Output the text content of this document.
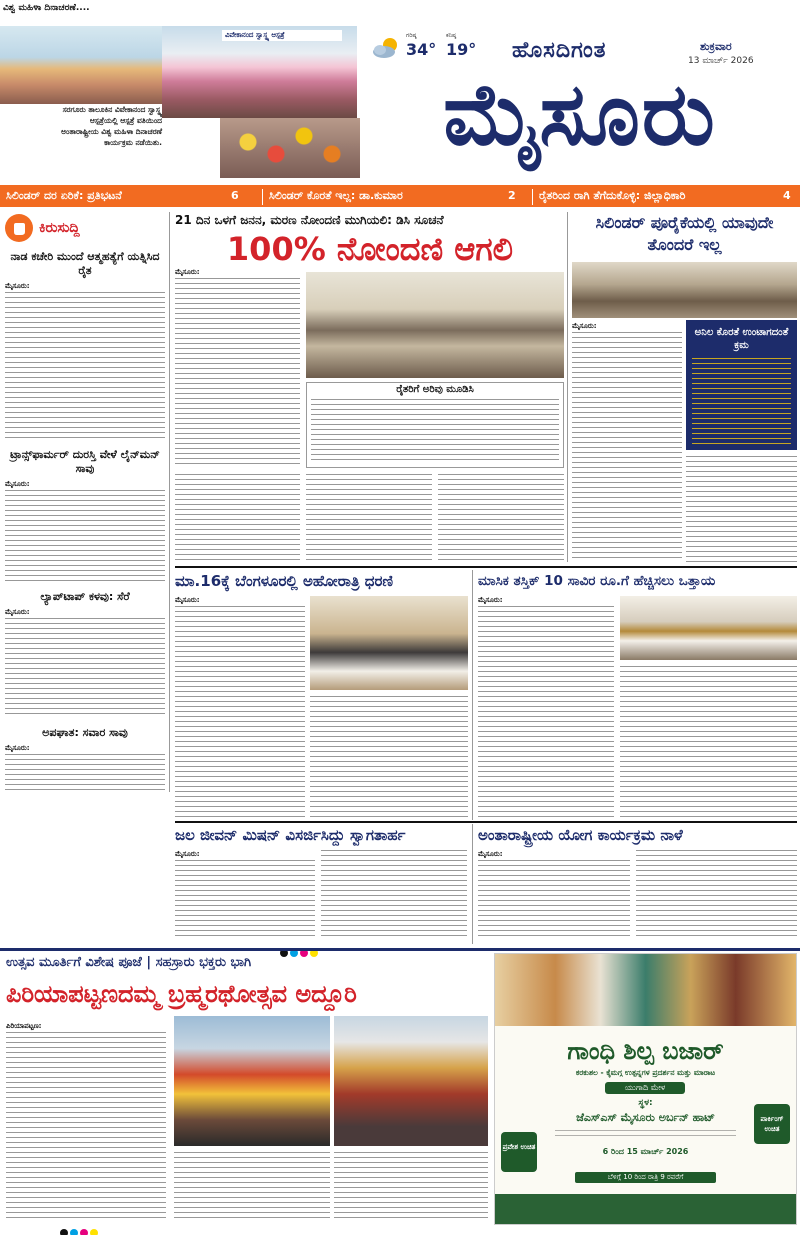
ವಿಶ್ವ ಮಹಿಳಾ ದಿನಾಚರಣೆ....
ಸರಗೂರು ತಾಲೂಕಿನ ವಿವೇಕಾನಂದ ಸ್ವಾಸ್ಥ್ಯ ಆಸ್ಪತ್ರೆಯಲ್ಲಿ ಆಸ್ಪತ್ರೆ ವತಿಯಿಂದ ಅಂತಾರಾಷ್ಟ್ರೀಯ ವಿಶ್ವ ಮಹಿಳಾ ದಿನಾಚರಣೆ ಕಾರ್ಯಕ್ರಮ ನಡೆಯಿತು.
ವಿವೇಕಾನಂದ ಸ್ವಾಸ್ಥ್ಯ ಆಸ್ಪತ್ರೆ	ಗರಿಷ್ಠ
34°
ಕನಿಷ್ಠ
19° ಹೊಸದಿಗಂತ	ಶುಕ್ರವಾರ
13 ಮಾರ್ಚ್ 2026
ಮೈಸೂರು
ಸಿಲಿಂಡರ್ ದರ ಏರಿಕೆ: ಪ್ರತಿಭಟನೆ	6	ಸಿಲಿಂಡರ್ ಕೊರತೆ ಇಲ್ಲ: ಡಾ.ಕುಮಾರ	2	ರೈತರಿಂದ ರಾಗಿ ತೆಗೆದುಕೊಳ್ಳಿ: ಜಿಲ್ಲಾಧಿಕಾರಿ	4
ಕಿರುಸುದ್ದಿ
ನಾಡ ಕಚೇರಿ ಮುಂದೆ ಆತ್ಮಹತ್ಯೆಗೆ ಯತ್ನಿಸಿದ ರೈತ
ಮೈಸೂರು:
ಟ್ರಾನ್ಸ್‌ಫಾರ್ಮರ್ ದುರಸ್ತಿ ವೇಳೆ ಲೈನ್‌ಮನ್ ಸಾವು
ಮೈಸೂರು:
ಲ್ಯಾಪ್‌ಟಾಪ್ ಕಳವು: ಸೆರೆ
ಮೈಸೂರು:
ಅಪಘಾತ: ಸವಾರ ಸಾವು
ಮೈಸೂರು:
21 ದಿನ ಒಳಗೆ ಜನನ, ಮರಣ ನೋಂದಣಿ ಮುಗಿಯಲಿ: ಡಿಸಿ ಸೂಚನೆ
100% ನೋಂದಣಿ ಆಗಲಿ
ಮೈಸೂರು:
ರೈತರಿಗೆ ಅರಿವು ಮೂಡಿಸಿ
ಸಿಲಿಂಡರ್ ಪೂರೈಕೆಯಲ್ಲಿ ಯಾವುದೇ ತೊಂದರೆ ಇಲ್ಲ
ಮೈಸೂರು:
ಅನಿಲ ಕೊರತೆ ಉಂಟಾಗದಂತೆ ಕ್ರಮ
ಮಾ.16ಕ್ಕೆ ಬೆಂಗಳೂರಲ್ಲಿ ಅಹೋರಾತ್ರಿ ಧರಣಿ
ಮೈಸೂರು:
ಮಾಸಿಕ ತಸ್ತಿಕ್ 10 ಸಾವಿರ ರೂ.ಗೆ ಹೆಚ್ಚಿಸಲು ಒತ್ತಾಯ
ಮೈಸೂರು:
ಜಲ ಜೀವನ್ ಮಿಷನ್ ವಿಸರ್ಜಿಸಿದ್ದು ಸ್ವಾಗತಾರ್ಹ
ಮೈಸೂರು:
ಅಂತಾರಾಷ್ಟ್ರೀಯ ಯೋಗ ಕಾರ್ಯಕ್ರಮ ನಾಳೆ
ಮೈಸೂರು:
ಉತ್ಸವ ಮೂರ್ತಿಗೆ ವಿಶೇಷ ಪೂಜೆ | ಸಹಸ್ರಾರು ಭಕ್ತರು ಭಾಗಿ
ಪಿರಿಯಾಪಟ್ಟಣದಮ್ಮ ಬ್ರಹ್ಮರಥೋತ್ಸವ ಅದ್ದೂರಿ
ಪಿರಿಯಾಪಟ್ಟಣ:
ಗಾಂಧಿ ಶಿಲ್ಪ ಬಜಾರ್
ಕರಕುಶಲ - ಕೈಮಗ್ಗ ಉತ್ಪನ್ನಗಳ ಪ್ರದರ್ಶನ ಮತ್ತು ಮಾರಾಟ
ಯುಗಾದಿ ಮೇಳ
ಸ್ಥಳ:
ಜೆಎಸ್‌ಎಸ್ ಮೈಸೂರು ಅರ್ಬನ್ ಹಾಟ್
ಪ್ರವೇಶ ಉಚಿತ
ಪಾರ್ಕಿಂಗ್ ಉಚಿತ
6 ರಿಂದ 15 ಮಾರ್ಚ್ 2026
ಬೆಳಿಗ್ಗೆ 10 ರಿಂದ ರಾತ್ರಿ 9 ರವರೆಗೆ
